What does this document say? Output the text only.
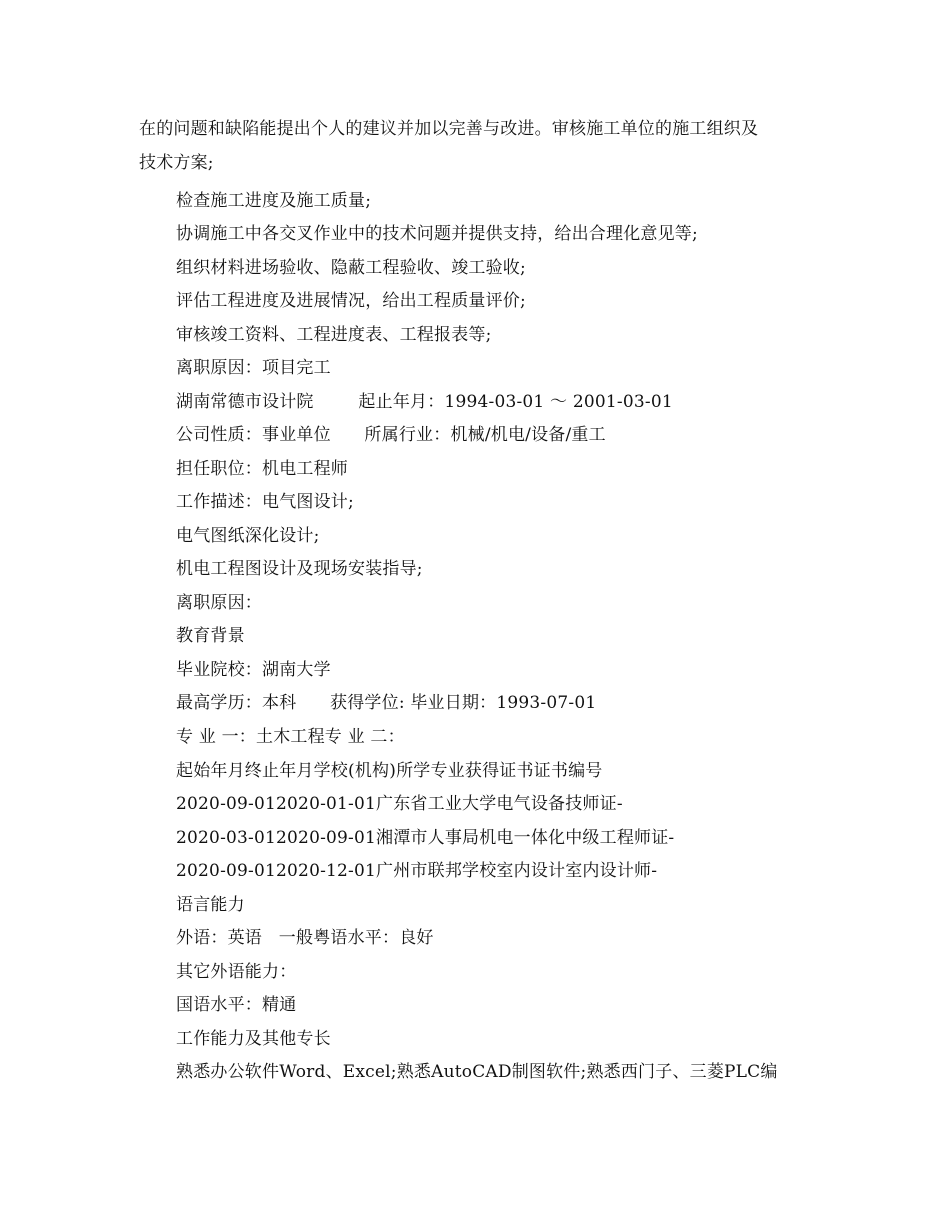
在的问题和缺陷能提出个人的建议并加以完善与改进。审核施工单位的施工组织及
技术方案;
检查施工进度及施工质量;
协调施工中各交叉作业中的技术问题并提供支持，给出合理化意见等;
组织材料进场验收、隐蔽工程验收、竣工验收;
评估工程进度及进展情况，给出工程质量评价;
审核竣工资料、工程进度表、工程报表等;
离职原因：项目完工
湖南常德市设计院        起止年月：1994-03-01 ～ 2001-03-01
公司性质：事业单位      所属行业：机械/机电/设备/重工
担任职位：机电工程师
工作描述：电气图设计;
电气图纸深化设计;
机电工程图设计及现场安装指导;
离职原因：
教育背景
毕业院校：湖南大学
最高学历：本科      获得学位: 毕业日期：1993-07-01
专 业 一：土木工程专 业 二：
起始年月终止年月学校(机构)所学专业获得证书证书编号
2020-09-012020-01-01广东省工业大学电气设备技师证-
2020-03-012020-09-01湘潭市人事局机电一体化中级工程师证-
2020-09-012020-12-01广州市联邦学校室内设计室内设计师-
语言能力
外语：英语   一般粤语水平：良好
其它外语能力：
国语水平：精通
工作能力及其他专长
熟悉办公软件Word、Excel;熟悉AutoCAD制图软件;熟悉西门子、三菱PLC编
